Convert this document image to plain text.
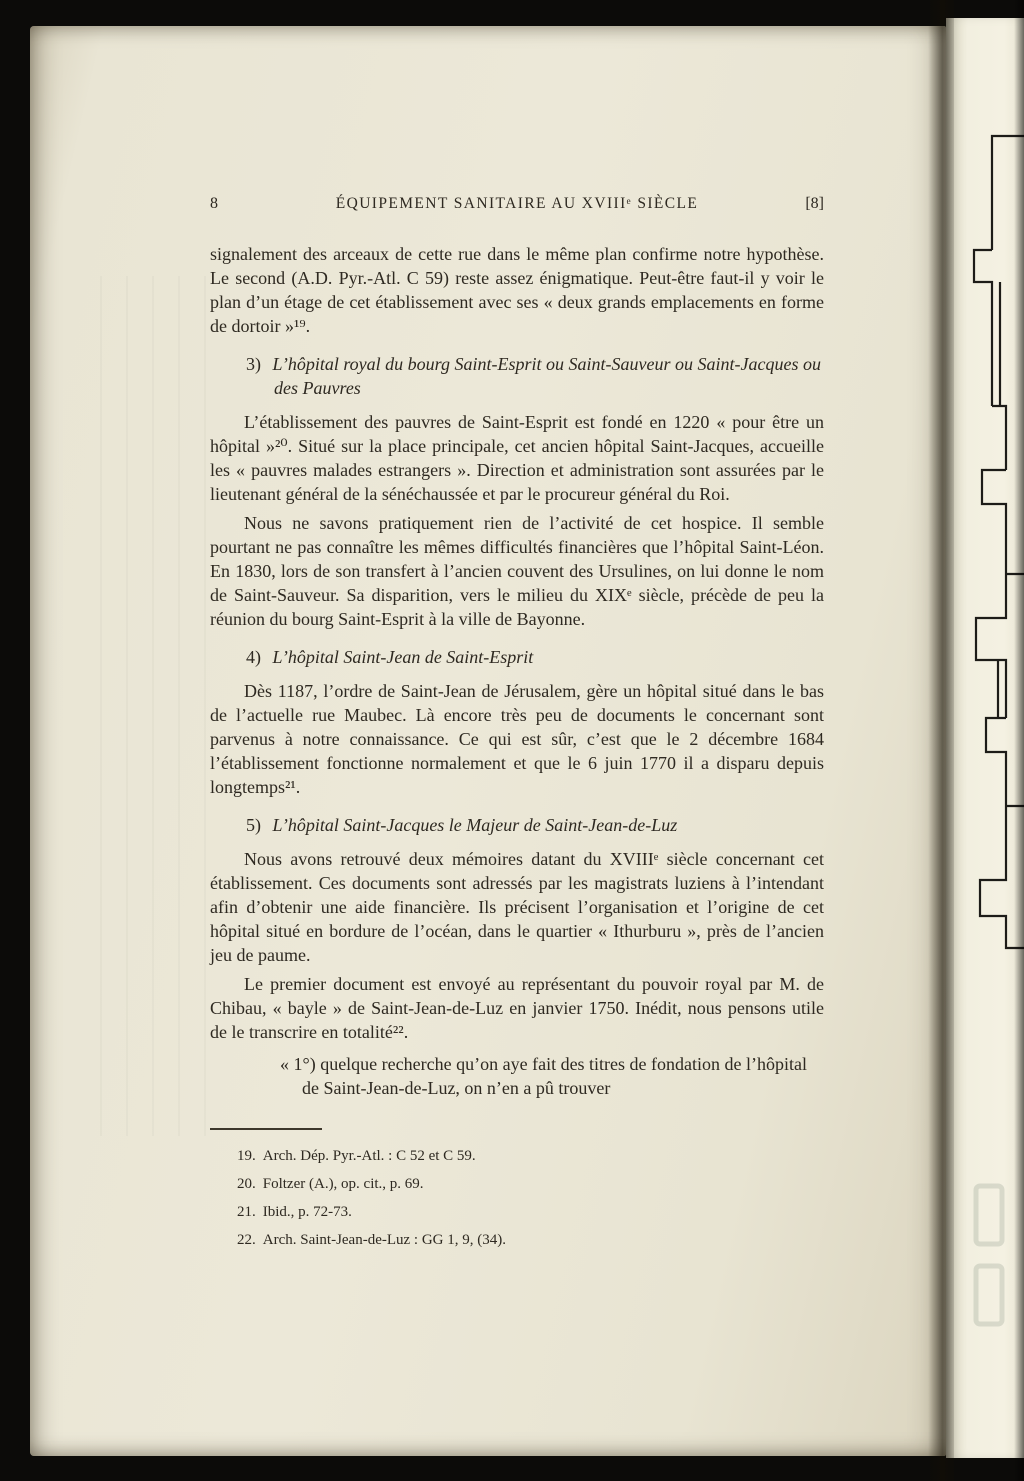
8	ÉQUIPEMENT SANITAIRE AU XVIIIᵉ SIÈCLE	[8]
signalement des arceaux de cette rue dans le même plan confirme notre hypothèse. Le second (A.D. Pyr.-Atl. C 59) reste assez énigmatique. Peut-être faut-il y voir le plan d’un étage de cet établissement avec ses « deux grands emplacements en forme de dortoir »¹⁹.
3) L’hôpital royal du bourg Saint-Esprit ou Saint-Sauveur ou Saint-Jacques ou des Pauvres
L’établissement des pauvres de Saint-Esprit est fondé en 1220 « pour être un hôpital »²⁰. Situé sur la place principale, cet ancien hôpital Saint-Jacques, accueille les « pauvres malades estrangers ». Direction et administration sont assurées par le lieutenant général de la sénéchaussée et par le procureur général du Roi.
Nous ne savons pratiquement rien de l’activité de cet hospice. Il semble pourtant ne pas connaître les mêmes difficultés financières que l’hôpital Saint-Léon. En 1830, lors de son transfert à l’ancien couvent des Ursulines, on lui donne le nom de Saint-Sauveur. Sa disparition, vers le milieu du XIXᵉ siècle, précède de peu la réunion du bourg Saint-Esprit à la ville de Bayonne.
4) L’hôpital Saint-Jean de Saint-Esprit
Dès 1187, l’ordre de Saint-Jean de Jérusalem, gère un hôpital situé dans le bas de l’actuelle rue Maubec. Là encore très peu de documents le concernant sont parvenus à notre connaissance. Ce qui est sûr, c’est que le 2 décembre 1684 l’établissement fonctionne normalement et que le 6 juin 1770 il a disparu depuis longtemps²¹.
5) L’hôpital Saint-Jacques le Majeur de Saint-Jean-de-Luz
Nous avons retrouvé deux mémoires datant du XVIIIᵉ siècle concernant cet établissement. Ces documents sont adressés par les magistrats luziens à l’intendant afin d’obtenir une aide financière. Ils précisent l’organisation et l’origine de cet hôpital situé en bordure de l’océan, dans le quartier « Ithurburu », près de l’ancien jeu de paume.
Le premier document est envoyé au représentant du pouvoir royal par M. de Chibau, « bayle » de Saint-Jean-de-Luz en janvier 1750. Inédit, nous pensons utile de le transcrire en totalité²².
« 1°) quelque recherche qu’on aye fait des titres de fondation de l’hôpital de Saint-Jean-de-Luz, on n’en a pû trouver
19. Arch. Dép. Pyr.-Atl. : C 52 et C 59.
20. Foltzer (A.), op. cit., p. 69.
21. Ibid., p. 72-73.
22. Arch. Saint-Jean-de-Luz : GG 1, 9, (34).
